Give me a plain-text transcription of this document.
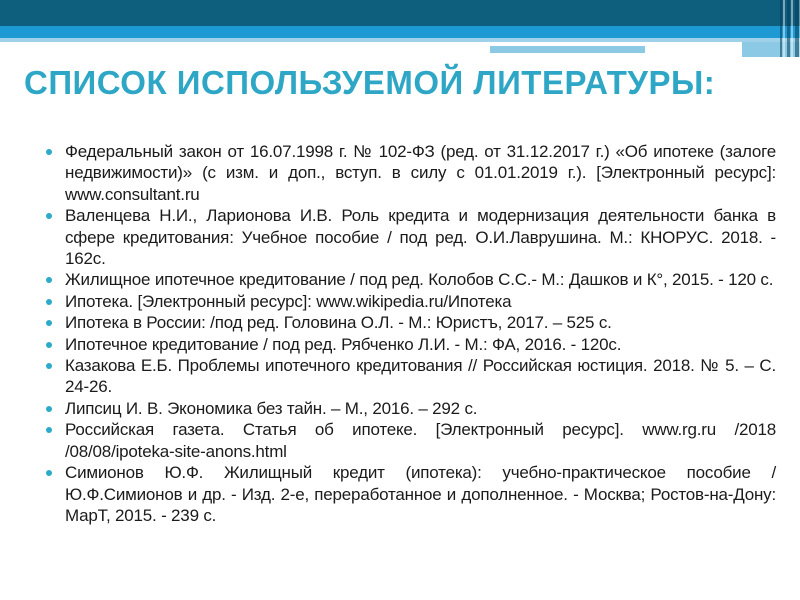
СПИСОК ИСПОЛЬЗУЕМОЙ ЛИТЕРАТУРЫ:
Федеральный закон от 16.07.1998 г. № 102-ФЗ (ред. от 31.12.2017 г.) «Об ипотеке (залоге недвижимости)» (с изм. и доп., вступ. в силу с 01.01.2019 г.). [Электронный ресурс]: www.consultant.ru
Валенцева Н.И., Ларионова И.В. Роль кредита и модернизация деятельности банка в сфере кредитования: Учебное пособие / под ред. О.И.Лаврушина. М.: КНОРУС. 2018. - 162с.
Жилищное ипотечное кредитование / под ред. Колобов С.С.- М.: Дашков и К°, 2015. - 120 с.
Ипотека. [Электронный ресурс]: www.wikipedia.ru/Ипотека
Ипотека в России: /под ред. Головина О.Л. - М.: Юристъ, 2017. – 525 с.
Ипотечное кредитование / под ред. Рябченко Л.И. - М.: ФА, 2016. - 120с.
Казакова Е.Б. Проблемы ипотечного кредитования // Российская юстиция. 2018. № 5. – С. 24-26.
Липсиц И. В. Экономика без тайн. – М., 2016. – 292 с.
Российская газета. Статья об ипотеке. [Электронный ресурс]. www.rg.ru /2018 /08/08/ipoteka-site-anons.html
Симионов Ю.Ф. Жилищный кредит (ипотека): учебно-практическое пособие / Ю.Ф.Симионов и др. - Изд. 2-е, переработанное и дополненное. - Москва; Ростов-на-Дону: МарТ, 2015. - 239 с.
